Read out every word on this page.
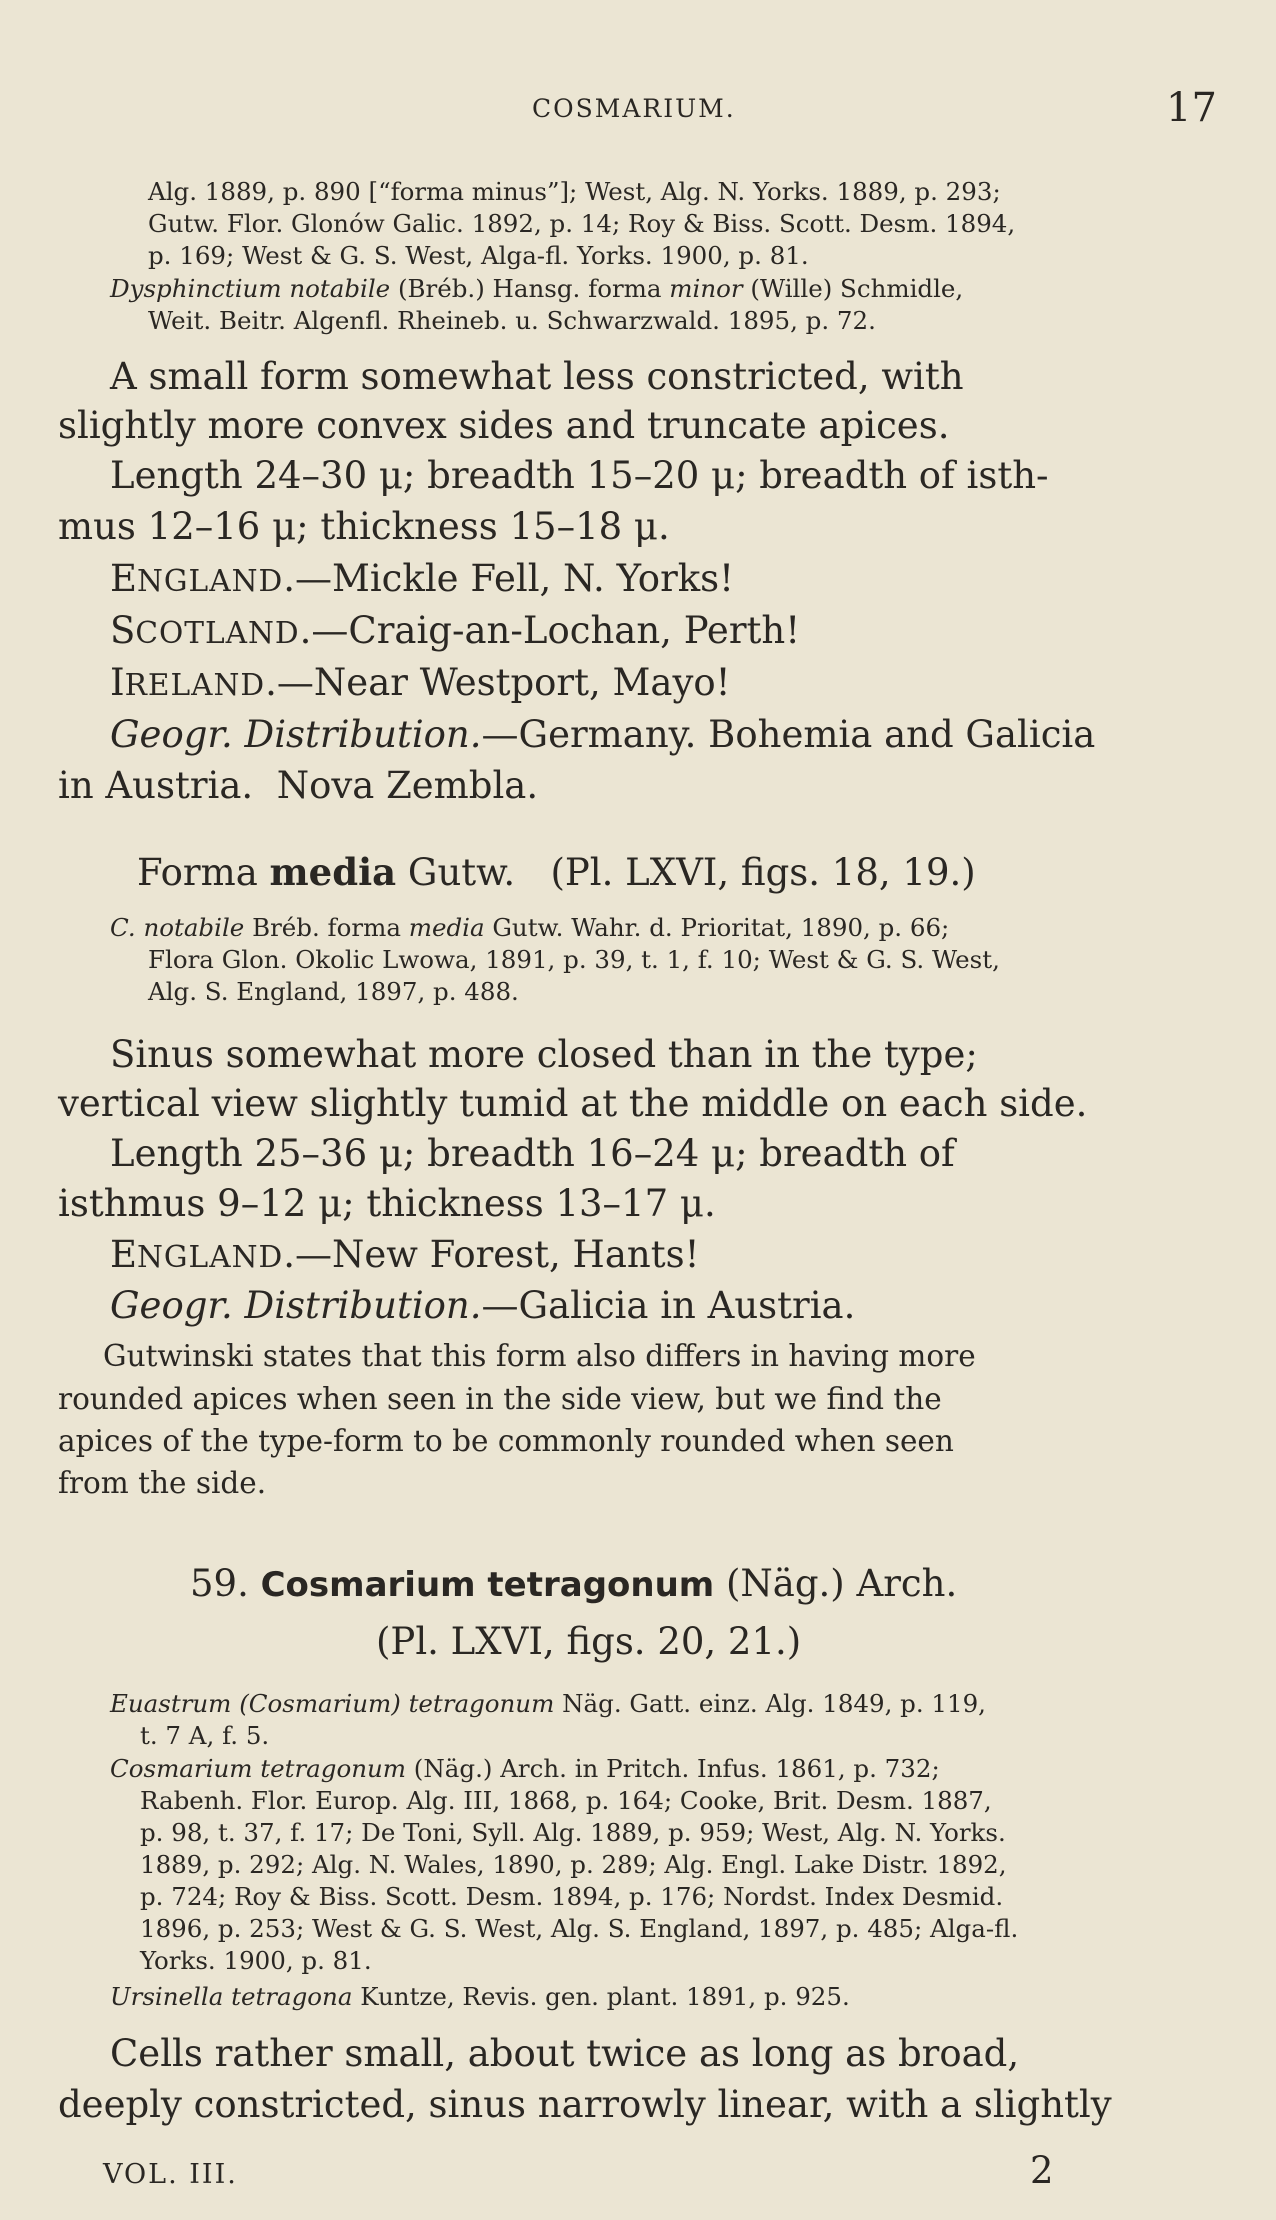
COSMARIUM.	17
Alg. 1889, p. 890 [“forma minus”]; West, Alg. N. Yorks. 1889, p. 293;
Gutw. Flor. Glonów Galic. 1892, p. 14; Roy & Biss. Scott. Desm. 1894,
p. 169; West & G. S. West, Alga-fl. Yorks. 1900, p. 81.
Dysphinctium notabile (Bréb.) Hansg. forma minor (Wille) Schmidle,
Weit. Beitr. Algenfl. Rheineb. u. Schwarzwald. 1895, p. 72.
A small form somewhat less constricted, with
slightly more convex sides and truncate apices.
Length 24–30 μ; breadth 15–20 μ; breadth of isth-
mus 12–16 μ; thickness 15–18 μ.
ENGLAND.—Mickle Fell, N. Yorks!
SCOTLAND.—Craig-an-Lochan, Perth!
IRELAND.—Near Westport, Mayo!
Geogr. Distribution.—Germany. Bohemia and Galicia
in Austria.  Nova Zembla.
Forma media Gutw.   (Pl. LXVI, figs. 18, 19.)
C. notabile Bréb. forma media Gutw. Wahr. d. Prioritat, 1890, p. 66;
Flora Glon. Okolic Lwowa, 1891, p. 39, t. 1, f. 10; West & G. S. West,
Alg. S. England, 1897, p. 488.
Sinus somewhat more closed than in the type;
vertical view slightly tumid at the middle on each side.
Length 25–36 μ; breadth 16–24 μ; breadth of
isthmus 9–12 μ; thickness 13–17 μ.
ENGLAND.—New Forest, Hants!
Geogr. Distribution.—Galicia in Austria.
Gutwinski states that this form also differs in having more
rounded apices when seen in the side view, but we find the
apices of the type-form to be commonly rounded when seen
from the side.
59. Cosmarium tetragonum (Näg.) Arch.
(Pl. LXVI, figs. 20, 21.)
Euastrum (Cosmarium) tetragonum Näg. Gatt. einz. Alg. 1849, p. 119,
t. 7 A, f. 5.
Cosmarium tetragonum (Näg.) Arch. in Pritch. Infus. 1861, p. 732;
Rabenh. Flor. Europ. Alg. III, 1868, p. 164; Cooke, Brit. Desm. 1887,
p. 98, t. 37, f. 17; De Toni, Syll. Alg. 1889, p. 959; West, Alg. N. Yorks.
1889, p. 292; Alg. N. Wales, 1890, p. 289; Alg. Engl. Lake Distr. 1892,
p. 724; Roy & Biss. Scott. Desm. 1894, p. 176; Nordst. Index Desmid.
1896, p. 253; West & G. S. West, Alg. S. England, 1897, p. 485; Alga-fl.
Yorks. 1900, p. 81.
Ursinella tetragona Kuntze, Revis. gen. plant. 1891, p. 925.
Cells rather small, about twice as long as broad,
deeply constricted, sinus narrowly linear, with a slightly
VOL. III.	2
